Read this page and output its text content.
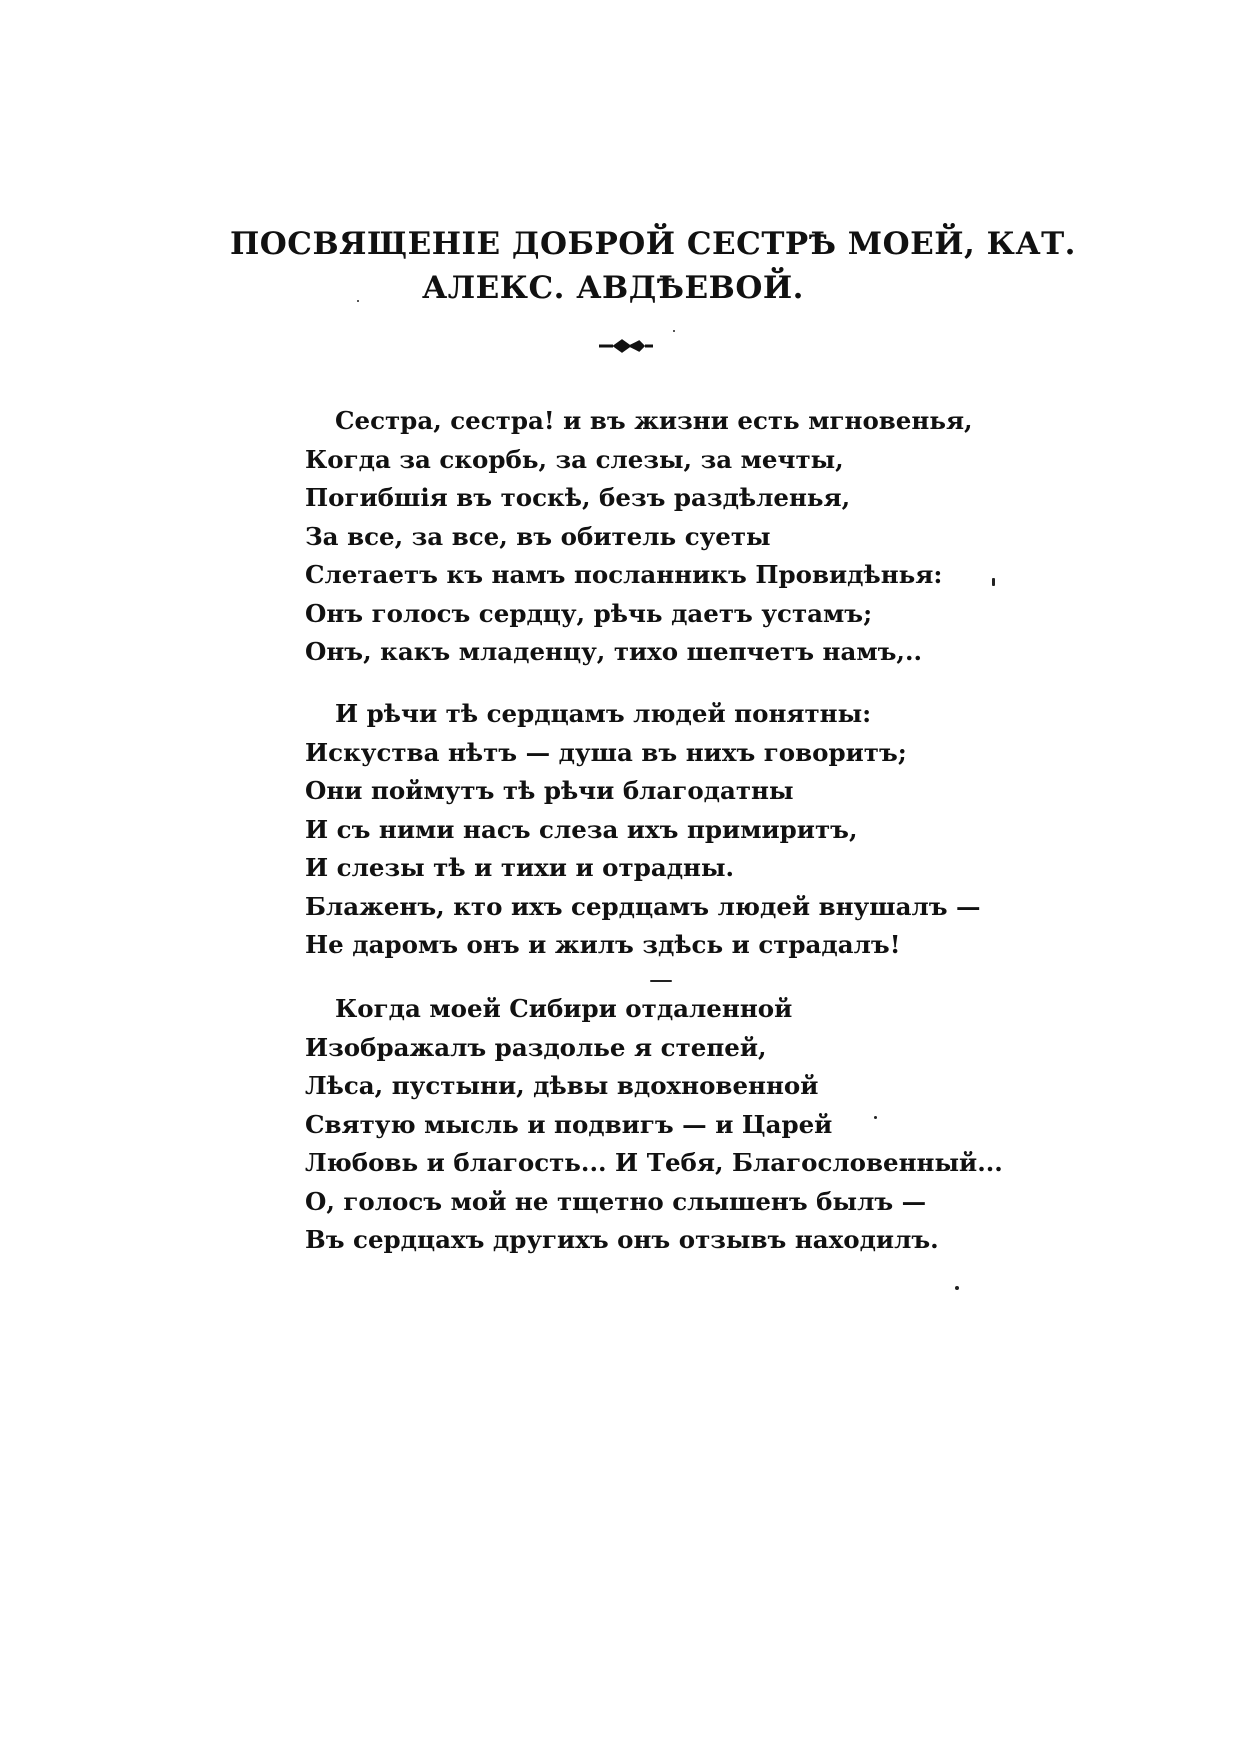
ПОСВЯЩЕНІЕ ДОБРОЙ СЕСТРѢ МОЕЙ, КАТ.
АЛЕКС. АВДѢЕВОЙ.
Сестра, сестра! и въ жизни есть мгновенья,
Когда за скорбь, за слезы, за мечты,
Погибшія въ тоскѣ, безъ раздѣленья,
За все, за все, въ обитель суеты
Слетаетъ къ намъ посланникъ Провидѣнья:
Онъ голосъ сердцу, рѣчь даетъ устамъ;
Онъ, какъ младенцу, тихо шепчетъ намъ,..
И рѣчи тѣ сердцамъ людей понятны:
Искуства нѣтъ — душа въ нихъ говоритъ;
Они поймутъ тѣ рѣчи благодатны
И съ ними насъ слеза ихъ примиритъ,
И слезы тѣ и тихи и отрадны.
Блаженъ, кто ихъ сердцамъ людей внушалъ —
Не даромъ онъ и жилъ здѣсь и страдалъ!
Когда моей Сибири отдаленной
Изображалъ раздолье я степей,
Лѣса, пустыни, дѣвы вдохновенной
Святую мысль и подвигъ — и Царей
Любовь и благость... И Тебя, Благословенный...
О, голосъ мой не тщетно слышенъ былъ —
Въ сердцахъ другихъ онъ отзывъ находилъ.
